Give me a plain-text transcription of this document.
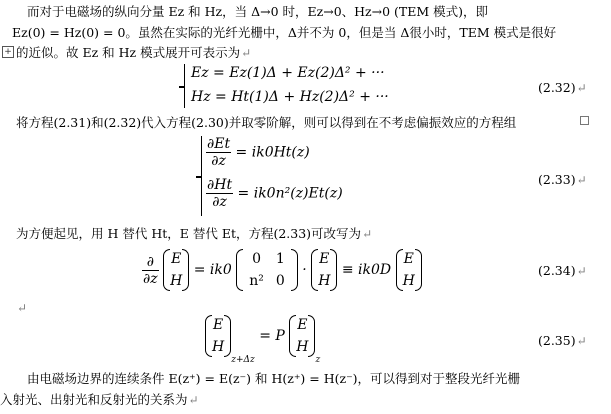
而对于电磁场的纵向分量 Ez 和 Hz，当 Δ→0 时，Ez→0、Hz→0 (TEM 模式)，即
Ez(0) = Hz(0) = 0。虽然在实际的光纤光栅中，Δ并不为 0，但是当 Δ很小时，TEM 模式是很好
+ 的近似。故 Ez 和 Hz 模式展开可表示为↵
Ez = Ez(1)Δ + Ez(2)Δ² + ···
Hz = Ht(1)Δ + Hz(2)Δ² + ···
(2.32)↵
将方程(2.31)和(2.32)代入方程(2.30)并取零阶解，则可以得到在不考虑偏振效应的方程组
$\frac{\partial Et}{\partial z} = ik0Ht(z)$
$\frac{\partial Ht}{\partial z} = ik0n^2(z)Et(z)$
(2.33)↵
为方便起见，用 H 替代 Ht，E 替代 Et，方程(2.33)可改写为↵
$\frac{\partial}{\partial z}$
E
H
= ik0
0	1
n²	0
·
E
H
≡ ik0D
E
H
(2.34)↵
↵
E
H
$_{z+\Delta z}$ = P
E
H
$_z$
(2.35)↵
由电磁场边界的连续条件 E(z⁺) = E(z⁻) 和 H(z⁺) = H(z⁻)，可以得到对于整段光纤光栅
入射光、出射光和反射光的关系为↵
